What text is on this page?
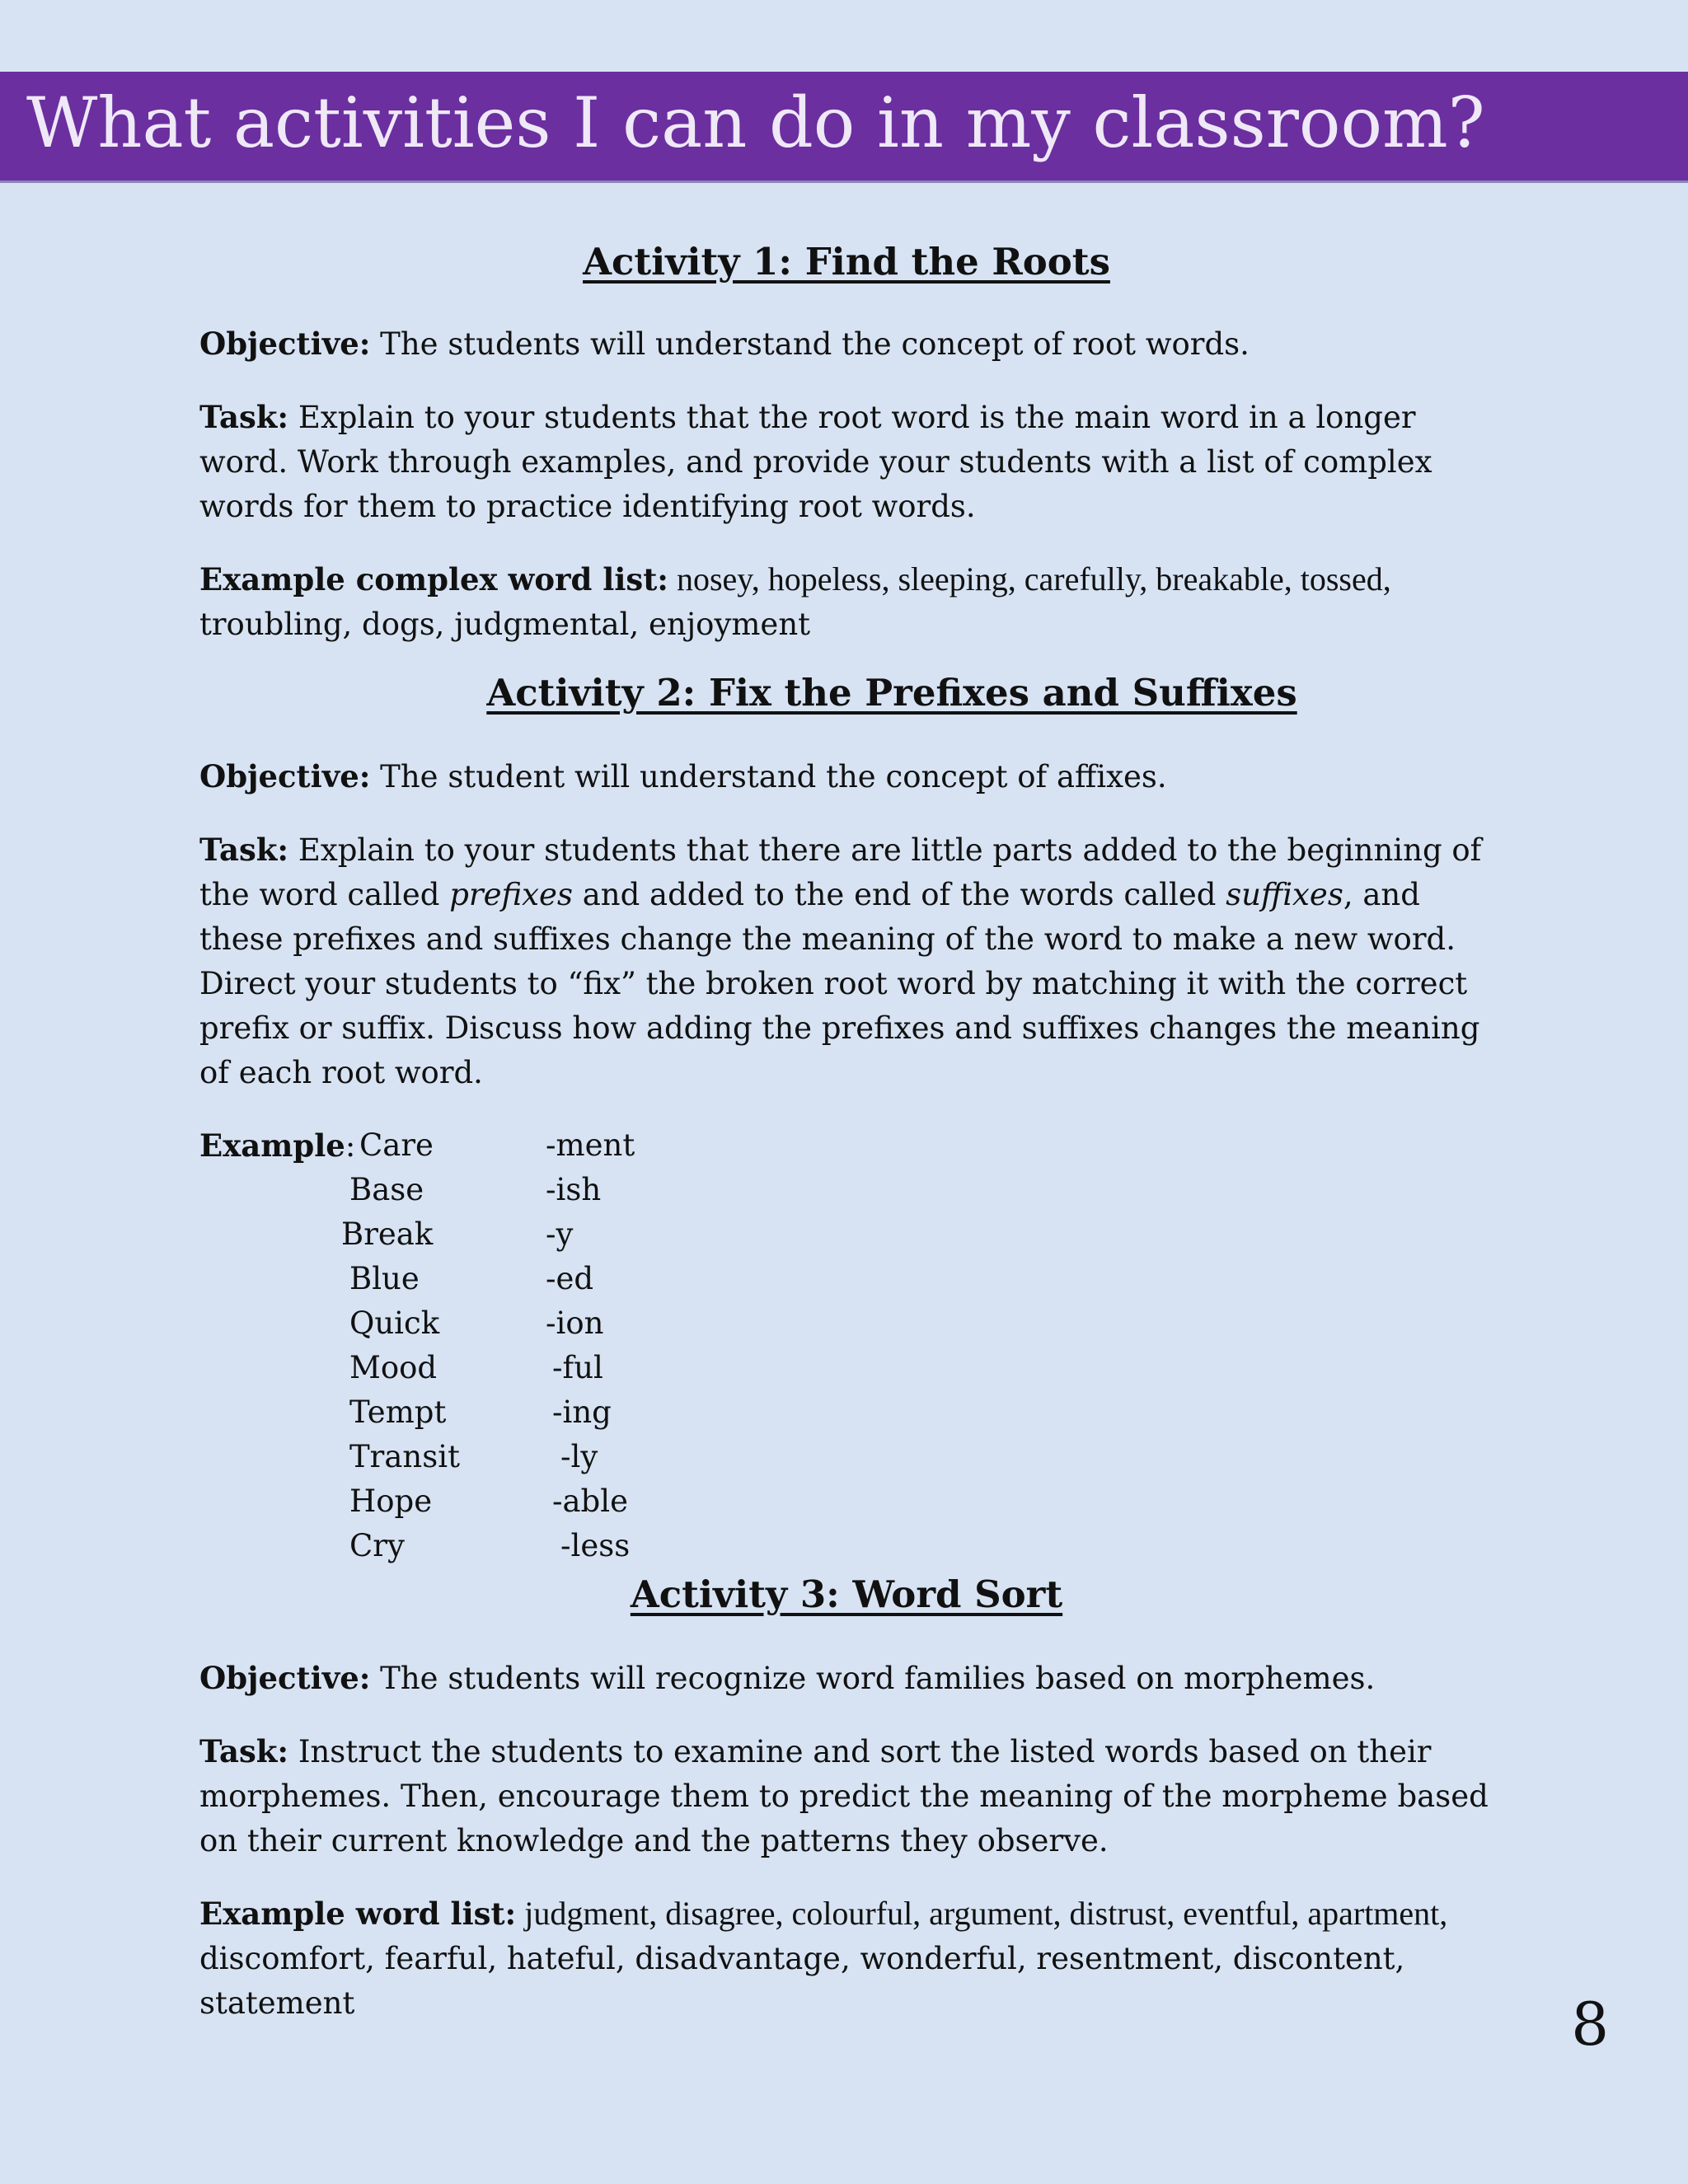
What activities I can do in my classroom?
Activity 1: Find the Roots

Objective: The students will understand the concept of root words.

Task: Explain to your students that the root word is the main word in a longer word. Work through examples, and provide your students with a list of complex words for them to practice identifying root words.

Example complex word list: nosey, hopeless, sleeping, carefully, breakable, tossed,
troubling, dogs, judgmental, enjoyment

Activity 2: Fix the Prefixes and Suffixes

Objective: The student will understand the concept of affixes.

Task: Explain to your students that there are little parts added to the beginning of the word called prefixes and added to the end of the words called suffixes, and these prefixes and suffixes change the meaning of the word to make a new word. Direct your students to “fix” the broken root word by matching it with the correct prefix or suffix. Discuss how adding the prefixes and suffixes changes the meaning of each root word.

Example: Care	-ment
Base	-ish
Break	-y
Blue	-ed
Quick	-ion
Mood	-ful
Tempt	-ing
Transit	-ly
Hope	-able
Cry	-less
Activity 3: Word Sort

Objective: The students will recognize word families based on morphemes.

Task: Instruct the students to examine and sort the listed words based on their morphemes. Then, encourage them to predict the meaning of the morpheme based on their current knowledge and the patterns they observe.

Example word list: judgment, disagree, colourful, argument, distrust, eventful, apartment,
discomfort, fearful, hateful, disadvantage, wonderful, resentment, discontent, statement	8
